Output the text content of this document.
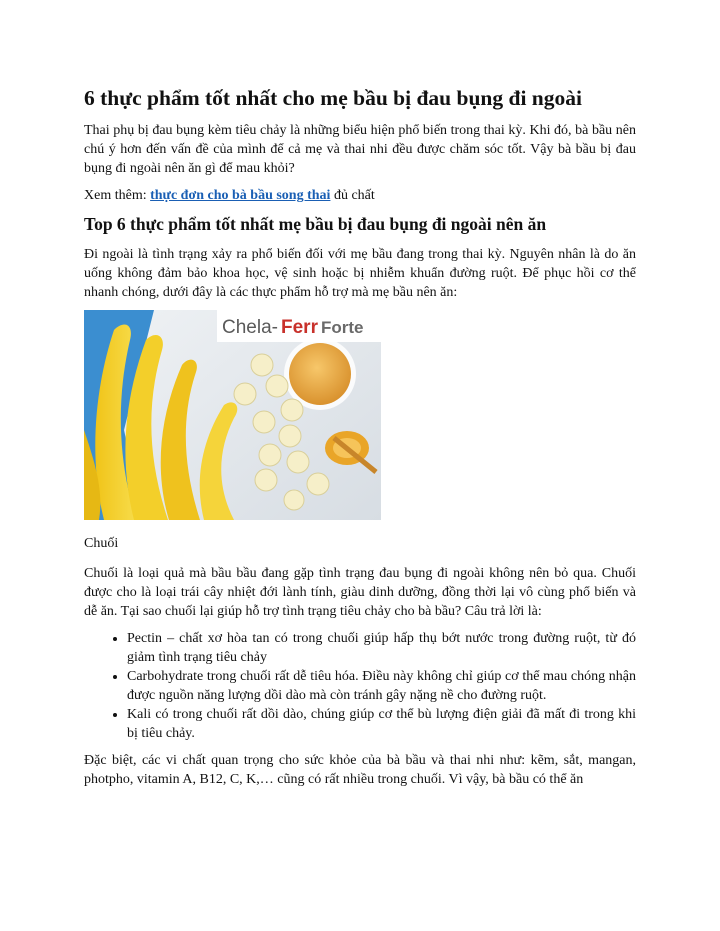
6 thực phẩm tốt nhất cho mẹ bầu bị đau bụng đi ngoài

Thai phụ bị đau bụng kèm tiêu chảy là những biểu hiện phổ biến trong thai kỳ. Khi đó, bà bầu nên chú ý hơn đến vấn đề của mình để cả mẹ và thai nhi đều được chăm sóc tốt. Vậy bà bầu bị đau bụng đi ngoài nên ăn gì để mau khỏi?

Xem thêm: thực đơn cho bà bầu song thai đủ chất

Top 6 thực phẩm tốt nhất mẹ bầu bị đau bụng đi ngoài nên ăn

Đi ngoài là tình trạng xảy ra phổ biến đối với mẹ bầu đang trong thai kỳ. Nguyên nhân là do ăn uống không đảm bảo khoa học, vệ sinh hoặc bị nhiễm khuẩn đường ruột. Để phục hồi cơ thể nhanh chóng, dưới đây là các thực phẩm hỗ trợ mà mẹ bầu nên ăn:

Chela- Ferr Forte

Chuối

Chuối là loại quả mà bầu bầu đang gặp tình trạng đau bụng đi ngoài không nên bỏ qua. Chuối được cho là loại trái cây nhiệt đới lành tính, giàu dinh dưỡng, đồng thời lại vô cùng phổ biến và dễ ăn. Tại sao chuối lại giúp hỗ trợ tình trạng tiêu chảy cho bà bầu? Câu trả lời là:

• Pectin – chất xơ hòa tan có trong chuối giúp hấp thụ bớt nước trong đường ruột, từ đó giảm tình trạng tiêu chảy
• Carbohydrate trong chuối rất dễ tiêu hóa. Điều này không chỉ giúp cơ thể mau chóng nhận được nguồn năng lượng dồi dào mà còn tránh gây nặng nề cho đường ruột.
• Kali có trong chuối rất dồi dào, chúng giúp cơ thể bù lượng điện giải đã mất đi trong khi bị tiêu chảy.

Đặc biệt, các vi chất quan trọng cho sức khỏe của bà bầu và thai nhi như: kẽm, sắt, mangan, photpho, vitamin A, B12, C, K,… cũng có rất nhiều trong chuối. Vì vậy, bà bầu có thể ăn
